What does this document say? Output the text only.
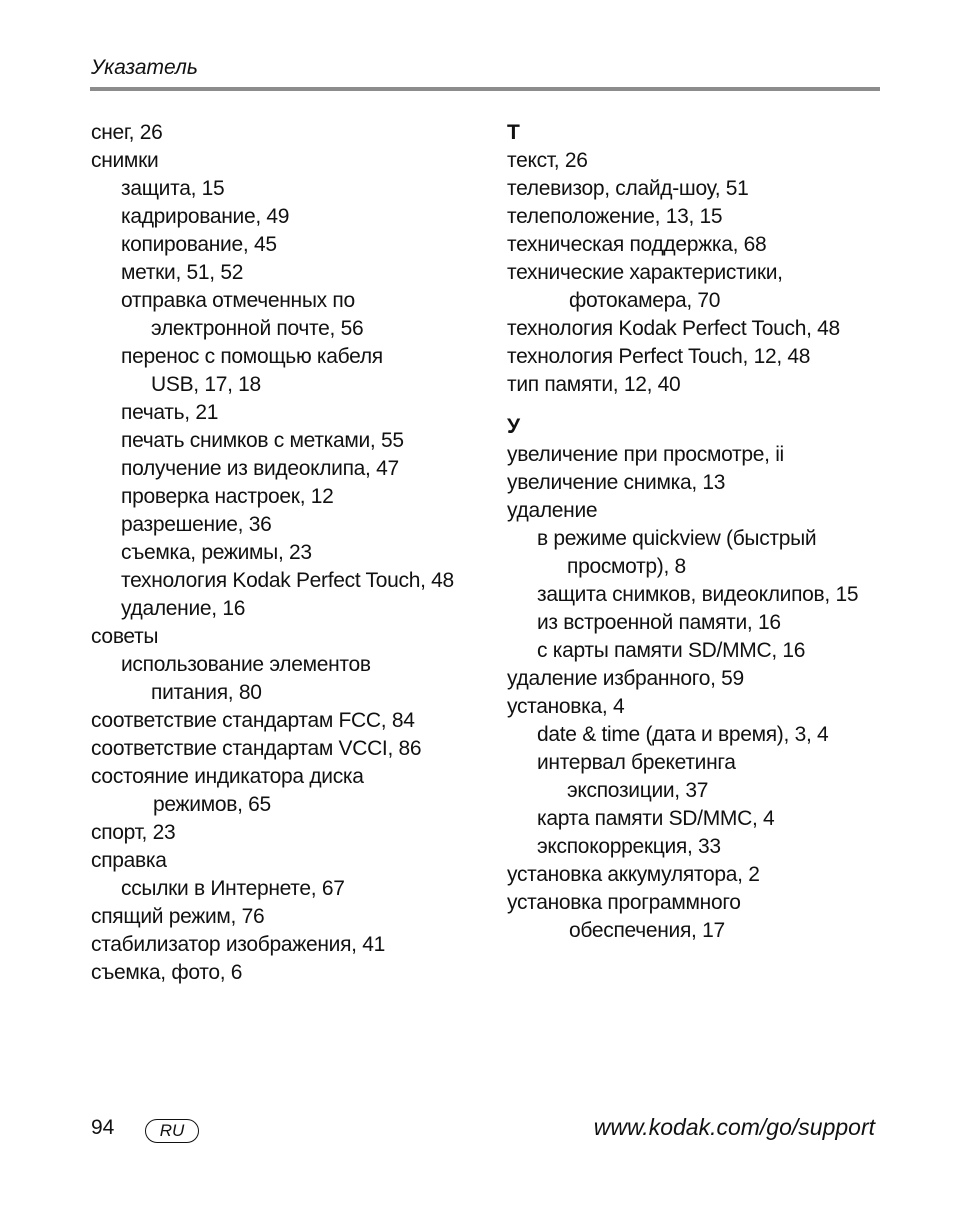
Указатель
снег, 26
снимки
защита, 15
кадрирование, 49
копирование, 45
метки, 51, 52
отправка отмеченных по
электронной почте, 56
перенос с помощью кабеля
USB, 17, 18
печать, 21
печать снимков с метками, 55
получение из видеоклипа, 47
проверка настроек, 12
разрешение, 36
съемка, режимы, 23
технология Kodak Perfect Touch, 48
удаление, 16
советы
использование элементов
питания, 80
соответствие стандартам FCC, 84
соответствие стандартам VCCI, 86
состояние индикатора диска
режимов, 65
спорт, 23
справка
ссылки в Интернете, 67
спящий режим, 76
стабилизатор изображения, 41
съемка, фото, 6
Т
текст, 26
телевизор, слайд-шоу, 51
телеположение, 13, 15
техническая поддержка, 68
технические характеристики,
фотокамера, 70
технология Kodak Perfect Touch, 48
технология Perfect Touch, 12, 48
тип памяти, 12, 40
У
увеличение при просмотре, ii
увеличение снимка, 13
удаление
в режиме quickview (быстрый
просмотр), 8
защита снимков, видеоклипов, 15
из встроенной памяти, 16
с карты памяти SD/MMC, 16
удаление избранного, 59
установка, 4
date & time (дата и время), 3, 4
интервал брекетинга
экспозиции, 37
карта памяти SD/MMC, 4
экспокоррекция, 33
установка аккумулятора, 2
установка программного
обеспечения, 17
94	RU	www.kodak.com/go/support
